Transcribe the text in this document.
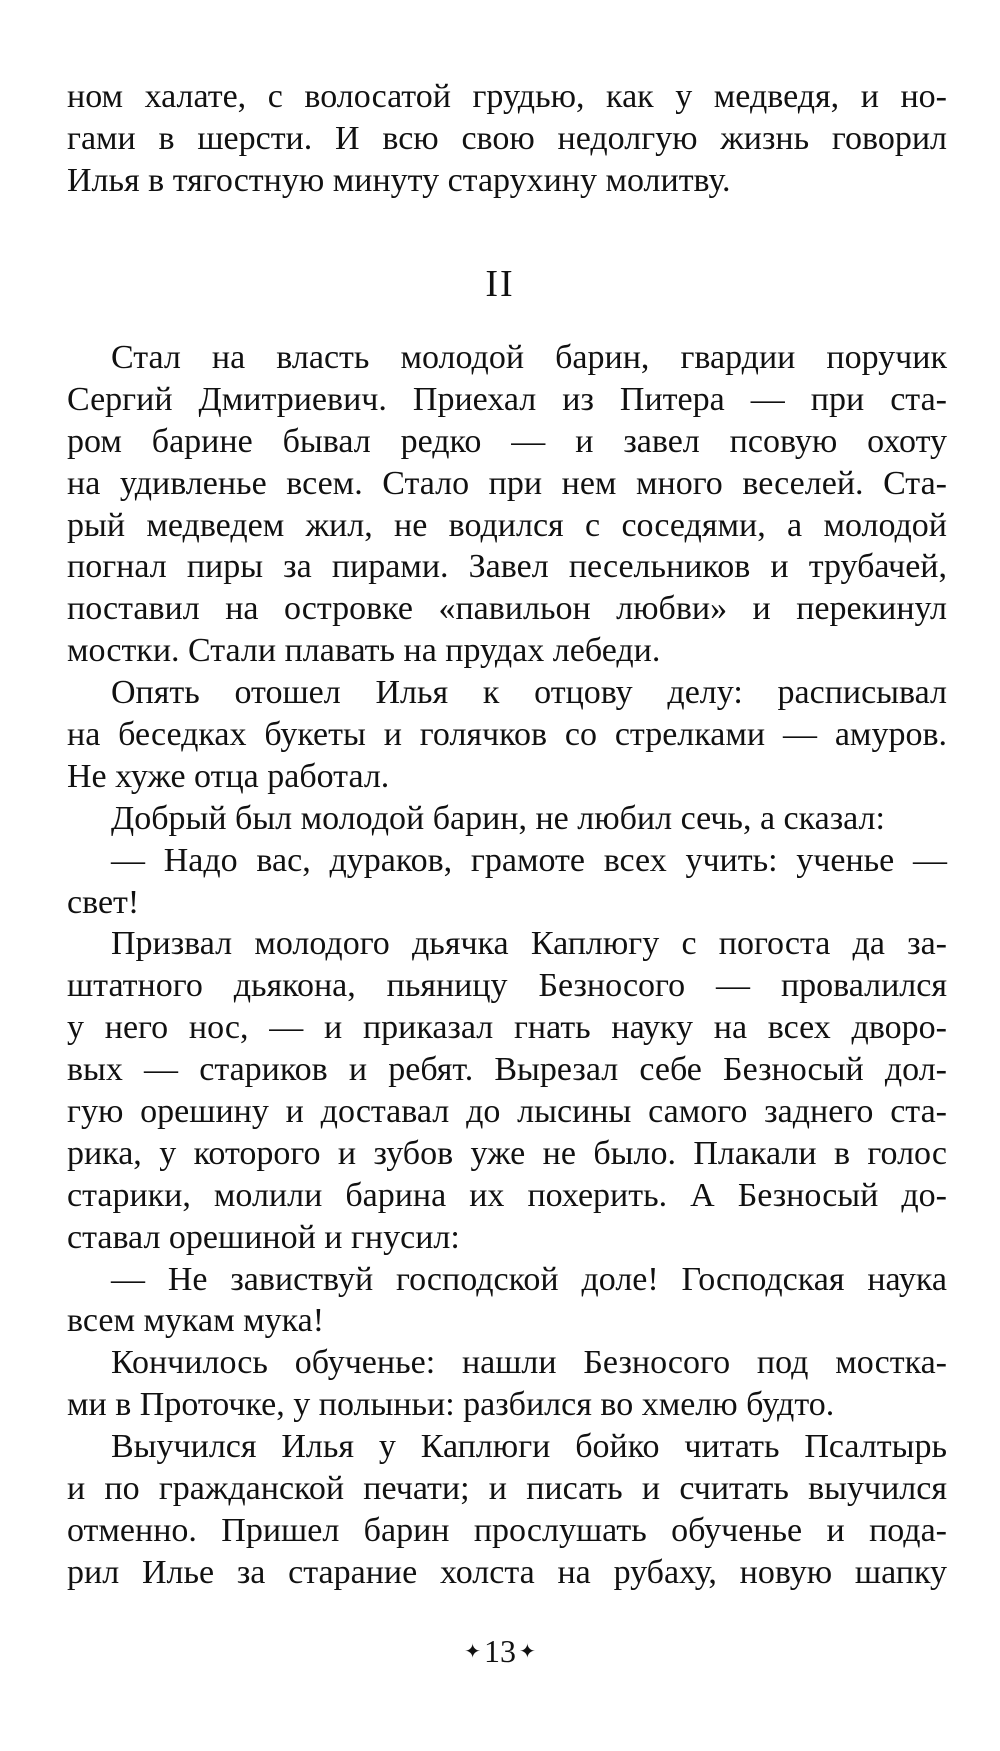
ном халате, с волосатой грудью, как у медведя, и но-
гами в шерсти. И всю свою недолгую жизнь говорил
Илья в тягостную минуту старухину молитву.
II
Стал на власть молодой барин, гвардии поручик
Сергий Дмитриевич. Приехал из Питера — при ста-
ром барине бывал редко — и завел псовую охоту
на удивленье всем. Стало при нем много веселей. Ста-
рый медведем жил, не водился с соседями, а молодой
погнал пиры за пирами. Завел песельников и трубачей,
поставил на островке «павильон любви» и перекинул
мостки. Стали плавать на прудах лебеди.
Опять отошел Илья к отцову делу: расписывал
на беседках букеты и голячков со стрелками — амуров.
Не хуже отца работал.
Добрый был молодой барин, не любил сечь, а сказал:
— Надо вас, дураков, грамоте всех учить: ученье —
свет!
Призвал молодого дьячка Каплюгу с погоста да за-
штатного дьякона, пьяницу Безносого — провалился
у него нос, — и приказал гнать науку на всех дворо-
вых — стариков и ребят. Вырезал себе Безносый дол-
гую орешину и доставал до лысины самого заднего ста-
рика, у которого и зубов уже не было. Плакали в голос
старики, молили барина их похерить. А Безносый до-
ставал орешиной и гнусил:
— Не завиствуй господской доле! Господская наука
всем мукам мука!
Кончилось обученье: нашли Безносого под мостка-
ми в Проточке, у полыньи: разбился во хмелю будто.
Выучился Илья у Каплюги бойко читать Псалтырь
и по гражданской печати; и писать и считать выучился
отменно. Пришел барин прослушать обученье и пода-
рил Илье за старание холста на рубаху, новую шапку
✦13 ✦
